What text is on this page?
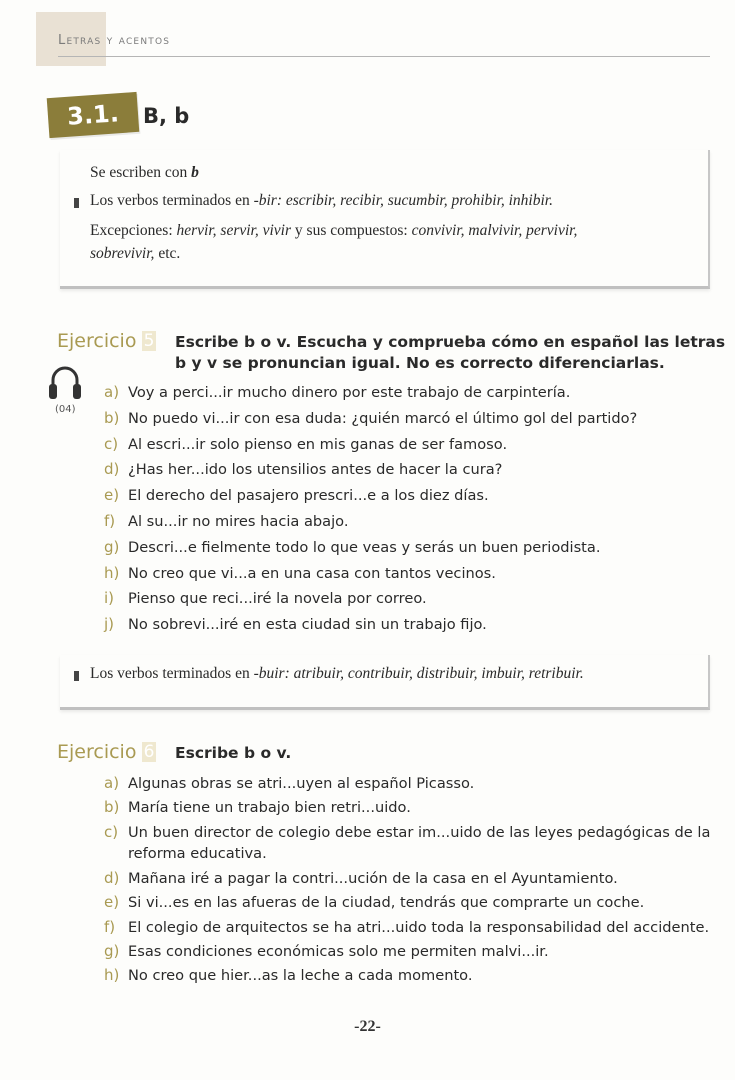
Letras y acentos
3.1.	B, b
Se escriben con b
Los verbos terminados en -bir: escribir, recibir, sucumbir, prohibir, inhibir.
Excepciones: hervir, servir, vivir y sus compuestos: convivir, malvivir, pervivir,
sobrevivir, etc.
Ejercicio 5 Escribe b o v. Escucha y comprueba cómo en español las letras
b y v se pronuncian igual. No es correcto diferenciarlas.
(04)
a) Voy a perci...ir mucho dinero por este trabajo de carpintería.
b) No puedo vi...ir con esa duda: ¿quién marcó el último gol del partido?
c) Al escri...ir solo pienso en mis ganas de ser famoso.
d) ¿Has her...ido los utensilios antes de hacer la cura?
e) El derecho del pasajero prescri...e a los diez días.
f) Al su...ir no mires hacia abajo.
g) Descri...e fielmente todo lo que veas y serás un buen periodista.
h) No creo que vi...a en una casa con tantos vecinos.
i) Pienso que reci...iré la novela por correo.
j) No sobrevi...iré en esta ciudad sin un trabajo fijo.
Los verbos terminados en -buir: atribuir, contribuir, distribuir, imbuir, retribuir.
Ejercicio 6 Escribe b o v.
a) Algunas obras se atri...uyen al español Picasso.
b) María tiene un trabajo bien retri...uido.
c) Un buen director de colegio debe estar im...uido de las leyes pedagógicas de la
reforma educativa.
d) Mañana iré a pagar la contri...ución de la casa en el Ayuntamiento.
e) Si vi...es en las afueras de la ciudad, tendrás que comprarte un coche.
f) El colegio de arquitectos se ha atri...uido toda la responsabilidad del accidente.
g) Esas condiciones económicas solo me permiten malvi...ir.
h) No creo que hier...as la leche a cada momento.
-22-
